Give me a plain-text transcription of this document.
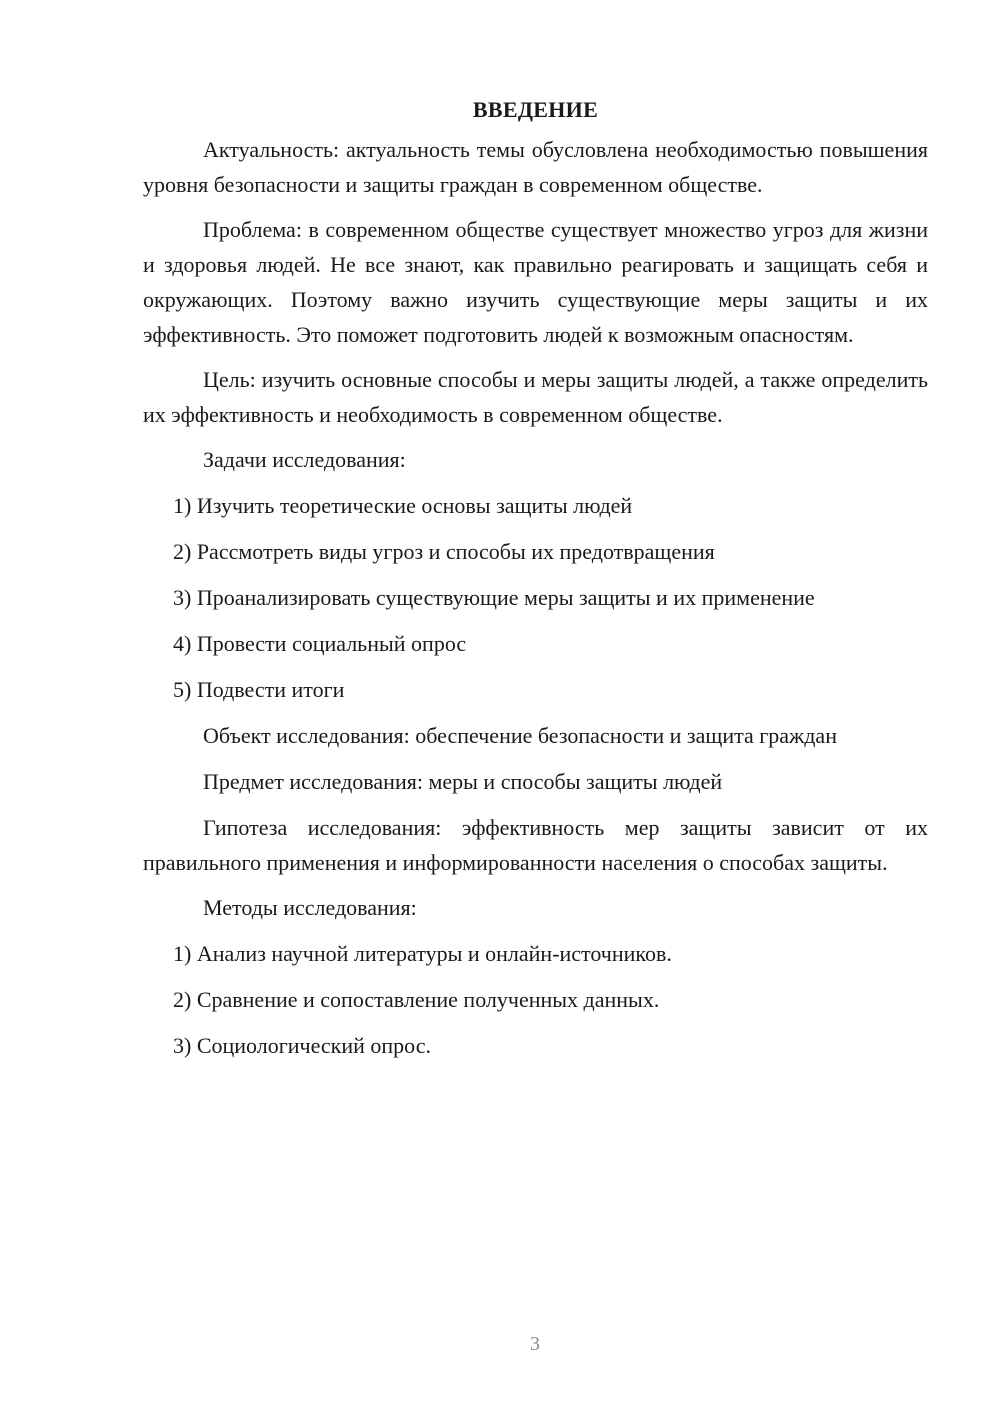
ВВЕДЕНИЕ

Актуальность: актуальность темы обусловлена необходимостью повышения уровня безопасности и защиты граждан в современном обществе.

Проблема: в современном обществе существует множество угроз для жизни и здоровья людей. Не все знают, как правильно реагировать и защищать себя и окружающих. Поэтому важно изучить существующие меры защиты и их эффективность. Это поможет подготовить людей к возможным опасностям.

Цель: изучить основные способы и меры защиты людей, а также определить их эффективность и необходимость в современном обществе.

Задачи исследования:
1) Изучить теоретические основы защиты людей
2) Рассмотреть виды угроз и способы их предотвращения
3) Проанализировать существующие меры защиты и их применение
4) Провести социальный опрос
5) Подвести итоги
Объект исследования: обеспечение безопасности и защита граждан
Предмет исследования: меры и способы защиты людей

Гипотеза исследования: эффективность мер защиты зависит от их правильного применения и информированности населения о способах защиты.

Методы исследования:
1) Анализ научной литературы и онлайн-источников.
2) Сравнение и сопоставление полученных данных.
3) Социологический опрос.
3
